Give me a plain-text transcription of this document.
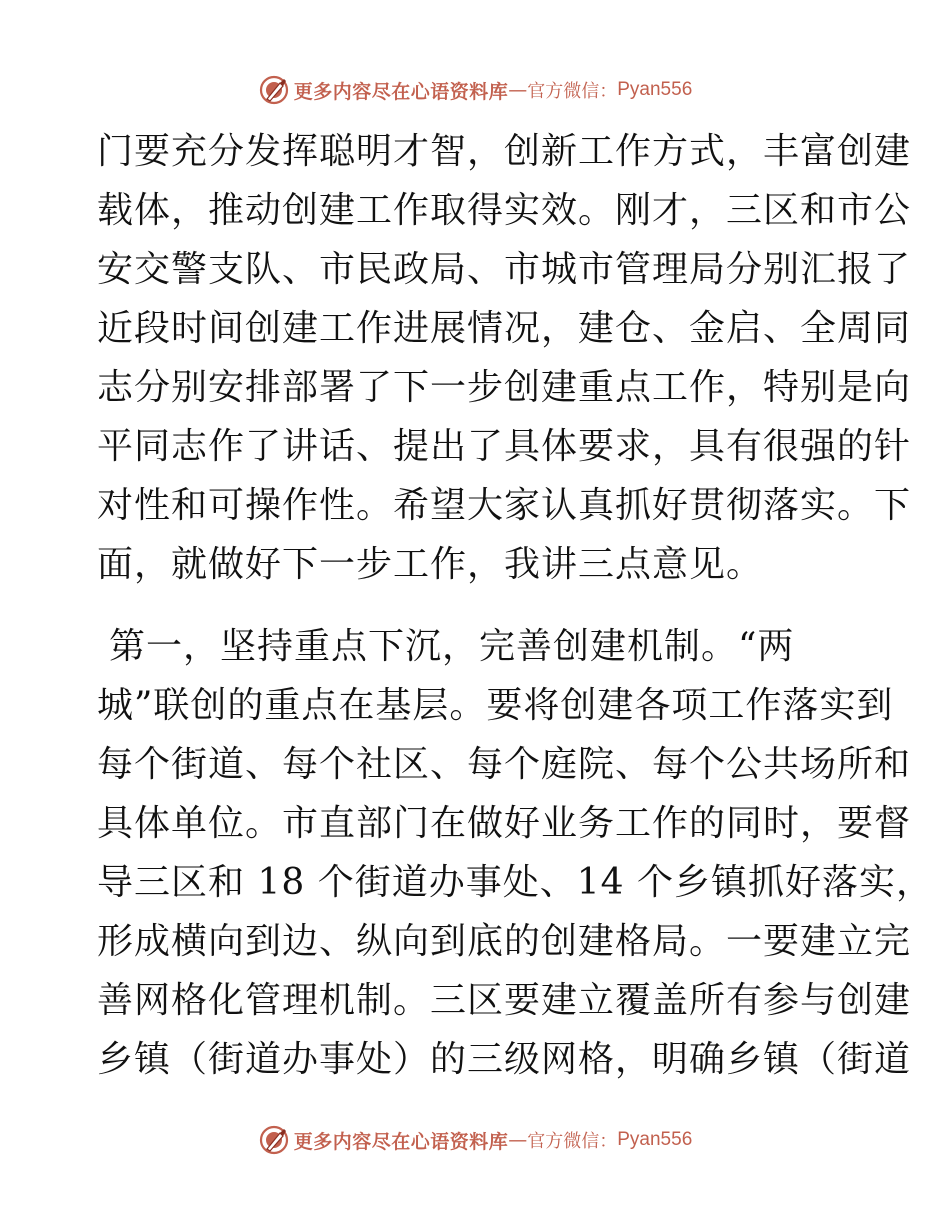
更多内容尽在心语资料库 — 官方微信： Pyan556
门要充分发挥聪明才智，创新工作方式，丰富创建
载体，推动创建工作取得实效。刚才，三区和市公
安交警支队、市民政局、市城市管理局分别汇报了
近段时间创建工作进展情况，建仓、金启、全周同
志分别安排部署了下一步创建重点工作，特别是向
平同志作了讲话、提出了具体要求，具有很强的针
对性和可操作性。希望大家认真抓好贯彻落实。下
面，就做好下一步工作，我讲三点意见。
第一，坚持重点下沉，完善创建机制。“两
城”联创的重点在基层。要将创建各项工作落实到
每个街道、每个社区、每个庭院、每个公共场所和
具体单位。市直部门在做好业务工作的同时，要督
导三区和 18 个街道办事处、14 个乡镇抓好落实，
形成横向到边、纵向到底的创建格局。一要建立完
善网格化管理机制。三区要建立覆盖所有参与创建
乡镇（街道办事处）的三级网格，明确乡镇（街道
更多内容尽在心语资料库 — 官方微信： Pyan556
